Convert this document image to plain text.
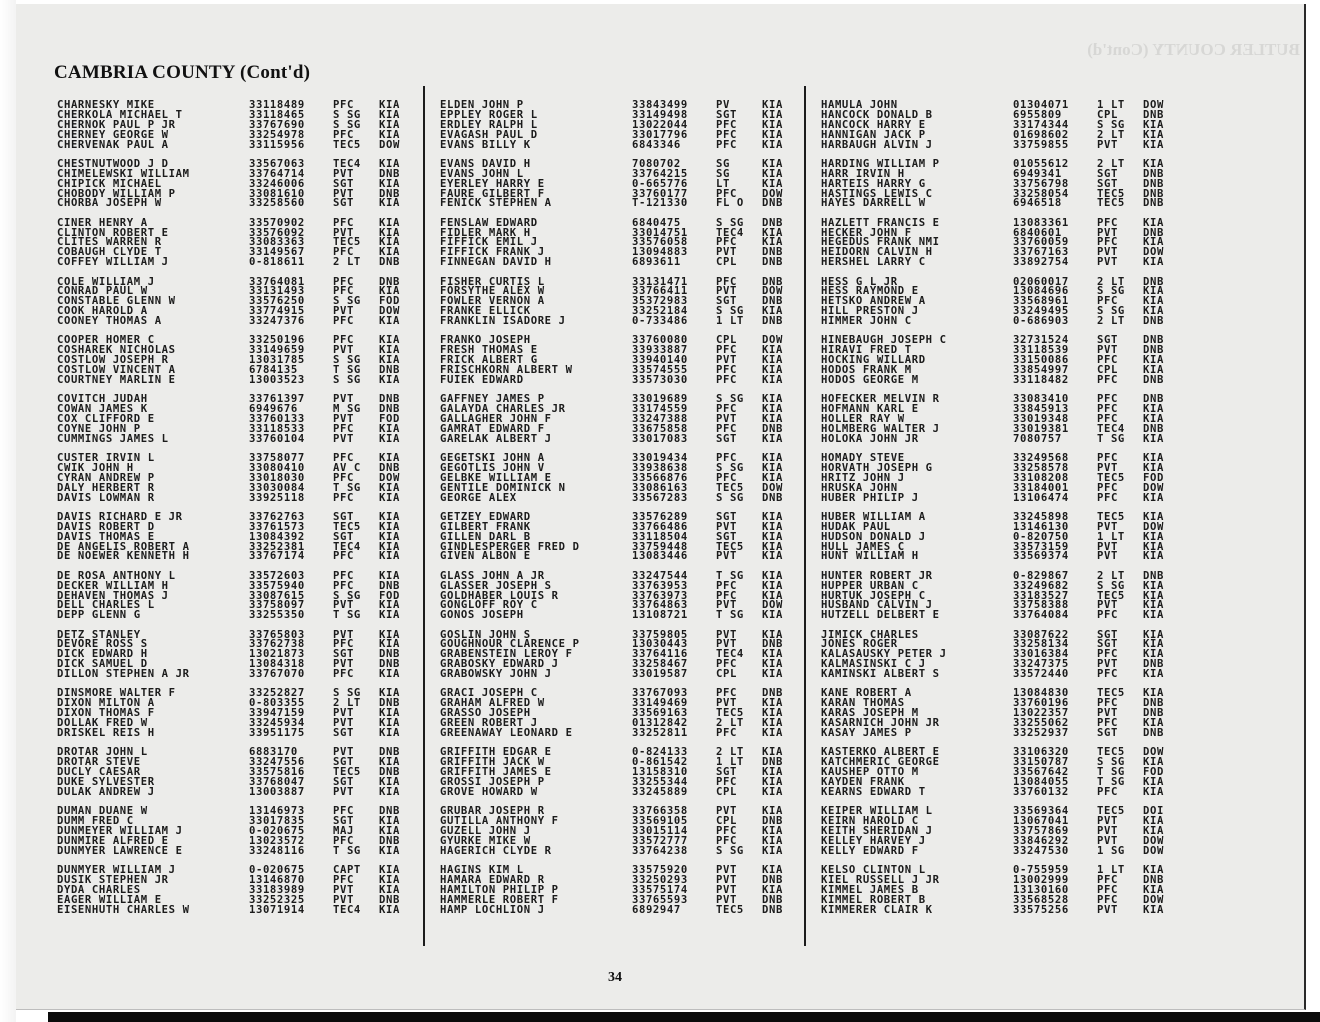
BUTLER COUNTY (Cont'd)
CAMBRIA COUNTY (Cont'd)
CHARNESKY MIKE	33118489	PFC KIA
CHERKOLA MICHAEL T	33118465	S SG KIA
CHERNOK PAUL P JR	33767690	S SG KIA
CHERNEY GEORGE W	33254978	PFC KIA
CHERVENAK PAUL A	33115956	TEC5 DOW
CHESTNUTWOOD J D	33567063	TEC4 KIA
CHIMELEWSKI WILLIAM	33764714	PVT DNB
CHIPICK MICHAEL	33246006	SGT KIA
CHOBODY WILLIAM P	33081610	PVT DNB
CHORBA JOSEPH W	33258560	SGT KIA
CINER HENRY A	33570902	PFC KIA
CLINTON ROBERT E	33576092	PVT KIA
CLITES WARREN R	33083363	TEC5 KIA
COBAUGH CLYDE T	33149567	PFC KIA
COFFEY WILLIAM J	0-818611	2 LT DNB
COLE WILLIAM J	33764081	PFC DNB
CONRAD PAUL W	33131493	PFC KIA
CONSTABLE GLENN W	33576250	S SG FOD
COOK HAROLD A	33774915	PVT DOW
COONEY THOMAS A	33247376	PFC KIA
COOPER HOMER C	33250196	PFC KIA
COSHAREK NICHOLAS	33149659	PVT KIA
COSTLOW JOSEPH R	13031785	S SG KIA
COSTLOW VINCENT A	6784135	T SG DNB
COURTNEY MARLIN E	13003523	S SG KIA
COVITCH JUDAH	33761397	PVT DNB
COWAN JAMES K	6949676	M SG DNB
COX CLIFFORD E	33760133	PVT FOD
COYNE JOHN P	33118533	PFC KIA
CUMMINGS JAMES L	33760104	PVT KIA
CUSTER IRVIN L	33758077	PFC KIA
CWIK JOHN H	33080410	AV C DNB
CYRAN ANDREW P	33018030	PFC DOW
DALY HERBERT R	33030084	T SG KIA
DAVIS LOWMAN R	33925118	PFC KIA
DAVIS RICHARD E JR	33762763	SGT KIA
DAVIS ROBERT D	33761573	TEC5 KIA
DAVIS THOMAS E	13084392	SGT KIA
DE ANGELIS ROBERT A	33252381	TEC4 KIA
DE NOEWER KENNETH H	33767174	PFC KIA
DE ROSA ANTHONY L	33572603	PFC KIA
DECKER WILLIAM H	33575940	PFC DNB
DEHAVEN THOMAS J	33087615	S SG FOD
DELL CHARLES L	33758097	PVT KIA
DEPP GLENN G	33255350	T SG KIA
DETZ STANLEY	33765803	PVT KIA
DEVORE ROSS S	33762738	PFC KIA
DICK EDWARD H	13021873	SGT DNB
DICK SAMUEL D	13084318	PVT DNB
DILLON STEPHEN A JR	33767070	PFC KIA
DINSMORE WALTER F	33252827	S SG KIA
DIXON MILTON A	0-803355	2 LT DNB
DIXON THOMAS F	33947159	PVT KIA
DOLLAK FRED W	33245934	PVT KIA
DRISKEL REIS H	33951175	SGT KIA
DROTAR JOHN L	6883170	PVT DNB
DROTAR STEVE	33247556	SGT KIA
DUCLY CAESAR	33575816	TEC5 DNB
DUKE SYLVESTER	33768047	SGT KIA
DULAK ANDREW J	13003887	PVT KIA
DUMAN DUANE W	13146973	PFC DNB
DUMM FRED C	33017835	SGT KIA
DUNMEYER WILLIAM J	0-020675	MAJ KIA
DUNMIRE ALFRED E	13023572	PFC DNB
DUNMYER LAWRENCE E	33248116	T SG KIA
DUNMYER WILLIAM J	0-020675	CAPT KIA
DUSIK STEPHEN JR	13146870	PFC KIA
DYDA CHARLES	33183989	PVT KIA
EAGER WILLIAM E	33252325	PVT DNB
EISENHUTH CHARLES W	13071914	TEC4 KIA
ELDEN JOHN P	33843499	PV	KIA
EPPLEY ROGER L	33149498	SGT KIA
ERDLEY RALPH L	13022044	PFC KIA
EVAGASH PAUL D	33017796	PFC KIA
EVANS BILLY K	6843346	PFC KIA
EVANS DAVID H	7080702	SG	KIA
EVANS JOHN L	33764215	SG	KIA
EYERLEY HARRY E	0-665776	LT	KIA
FAURE GILBERT F	33760177	PFC DOW
FENICK STEPHEN A	T-121330	FL O DNB
FENSLAW EDWARD	6840475	S SG DNB
FIDLER MARK H	33014751	TEC4 KIA
FIFFICK EMIL J	33576058	PFC KIA
FIFFICK FRANK J	13094883	PVT DNB
FINNEGAN DAVID H	6893611	CPL DNB
FISHER CURTIS L	33131471	PFC DNB
FORSYTHE ALEX W	33766411	PVT DOW
FOWLER VERNON A	35372983	SGT DNB
FRANKE ELLICK	33252184	S SG KIA
FRANKLIN ISADORE J	0-733486	1 LT DNB
FRANKO JOSEPH	33760080	CPL DOW
FRESH THOMAS E	33933887	PFC KIA
FRICK ALBERT G	33940140	PVT KIA
FRISCHKORN ALBERT W	33574555	PFC KIA
FUIEK EDWARD	33573030	PFC KIA
GAFFNEY JAMES P	33019689	S SG KIA
GALAYDA CHARLES JR	33174559	PFC KIA
GALLAGHER JOHN F	33247388	PVT KIA
GAMRAT EDWARD F	33675858	PFC DNB
GARELAK ALBERT J	33017083	SGT KIA
GEGETSKI JOHN A	33019434	PFC KIA
GEGOTLIS JOHN V	33938638	S SG KIA
GELBKE WILLIAM E	33566876	PFC KIA
GENTILE DOMINICK N	33086163	TEC5 DOW
GEORGE ALEX	33567283	S SG DNB
GETZEY EDWARD	33576289	SGT KIA
GILBERT FRANK	33766486	PVT KIA
GILLEN DARL B	33118504	SGT KIA
GINDLESPERGER FRED D	33759448	TEC5 KIA
GIVEN ALBON E	13083446	PVT KIA
GLASS JOHN A JR	33247544	T SG KIA
GLASSER JOSEPH S	33763953	PFC KIA
GOLDHABER LOUIS R	33763973	PFC KIA
GONGLOFF ROY C	33764863	PVT DOW
GONOS JOSEPH	13108721	T SG KIA
GOSLIN JOHN S	33759805	PVT KIA
GOUGHNOUR CLARENCE P	13030443	PVT DNB
GRABENSTEIN LEROY F	33764116	TEC4 KIA
GRABOSKY EDWARD J	33258467	PFC KIA
GRABOWSKY JOHN J	33019587	CPL KIA
GRACI JOSEPH C	33767093	PFC DNB
GRAHAM ALFRED W	33149469	PVT KIA
GRASSO JOSEPH	33569163	TEC5 KIA
GREEN ROBERT J	01312842	2 LT KIA
GREENAWAY LEONARD E	33252811	PFC KIA
GRIFFITH EDGAR E	0-824133	2 LT KIA
GRIFFITH JACK W	0-861542	1 LT DNB
GRIFFITH JAMES E	13158310	SGT KIA
GROSSI JOSEPH P	33255344	PFC KIA
GROVE HOWARD W	33245889	CPL KIA
GRUBAR JOSEPH R	33766358	PVT KIA
GUTILLA ANTHONY F	33569105	CPL DNB
GUZELL JOHN J	33015114	PFC KIA
GYURKE MIKE W	33572777	PFC KIA
HAGERICH CLYDE R	33764238	S SG KIA
HAGINS KIM L	33575920	PVT KIA
HAMARA EDWARD R	33250293	PVT DNB
HAMILTON PHILIP P	33575174	PVT KIA
HAMMERLE ROBERT F	33765593	PVT DNB
HAMP LOCHLION J	6892947	TEC5 DNB
HAMULA JOHN	01304071	1 LT DOW
HANCOCK DONALD B	6955809	CPL DNB
HANCOCK HARRY E	33174344	S SG KIA
HANNIGAN JACK P	01698602	2 LT KIA
HARBAUGH ALVIN J	33759855	PVT KIA
HARDING WILLIAM P	01055612	2 LT KIA
HARR IRVIN H	6949341	SGT DNB
HARTEIS HARRY G	33756798	SGT DNB
HASTINGS LEWIS C	33258054	TEC5 DNB
HAYES DARRELL W	6946518	TEC5 DNB
HAZLETT FRANCIS E	13083361	PFC KIA
HECKER JOHN F	6840601	PVT DNB
HEGEDUS FRANK NMI	33760059	PFC KIA
HEIDORN CALVIN H	33767163	PVT DOW
HERSHEL LARRY C	33892754	PVT KIA
HESS G L JR	02060017	2 LT DNB
HESS RAYMOND E	13084696	S SG KIA
HETSKO ANDREW A	33568961	PFC KIA
HILL PRESTON J	33249495	S SG KIA
HIMMER JOHN C	0-686903	2 LT DNB
HINEBAUGH JOSEPH C	32731524	SGT DNB
HIRAVI FRED T	33118539	PVT DNB
HOCKING WILLARD	33150086	PFC KIA
HODOS FRANK M	33854997	CPL KIA
HODOS GEORGE M	33118482	PFC DNB
HOFECKER MELVIN R	33083410	PFC DNB
HOFMANN KARL E	33845913	PFC KIA
HOLLER RAY W	33019348	PFC KIA
HOLMBERG WALTER J	33019381	TEC4 DNB
HOLOKA JOHN JR	7080757	T SG KIA
HOMADY STEVE	33249568	PFC KIA
HORVATH JOSEPH G	33258578	PVT KIA
HRITZ JOHN J	33108208	TEC5 FOD
HRUSKA JOHN	33184001	PFC DOW
HUBER PHILIP J	13106474	PFC KIA
HUBER WILLIAM A	33245898	TEC5 KIA
HUDAK PAUL	13146130	PVT DOW
HUDSON DONALD J	0-820750	1 LT KIA
HULL JAMES C	33573159	PVT KIA
HUNT WILLIAM H	33569374	PVT KIA
HUNTER ROBERT JR	0-829867	2 LT DNB
HUPPER URBAN C	33249682	S SG KIA
HURTUK JOSEPH C	33183527	TEC5 KIA
HUSBAND CALVIN J	33758388	PVT KIA
HUTZELL DELBERT E	33764084	PFC KIA
JIMICK CHARLES	33087622	SGT KIA
JONES ROGER	33258134	SGT KIA
KALASAUSKY PETER J	33016384	PFC KIA
KALMASINSKI C J	33247375	PVT DNB
KAMINSKI ALBERT S	33572440	PFC KIA
KANE ROBERT A	13084830	TEC5 KIA
KARAN THOMAS	33760196	PFC DNB
KARAS JOSEPH M	13022357	PVT DNB
KASARNICH JOHN JR	33255062	PFC KIA
KASAY JAMES P	33252937	SGT DNB
KASTERKO ALBERT E	33106320	TEC5 DOW
KATCHMERIC GEORGE	33150787	S SG KIA
KAUSHEP OTTO M	33567642	T SG FOD
KAYDEN FRANK	13084055	T SG KIA
KEARNS EDWARD T	33760132	PFC KIA
KEIPER WILLIAM L	33569364	TEC5 DOI
KEIRN HAROLD C	13067041	PVT KIA
KEITH SHERIDAN J	33757869	PVT KIA
KELLEY HARVEY J	33846292	PVT DOW
KELLY EDWARD F	33247530	1 SG DOW
KELSO CLINTON L	0-755959	1 LT KIA
KIEL RUSSELL J JR	13002999	PFC DNB
KIMMEL JAMES B	13130160	PFC KIA
KIMMEL ROBERT B	33568528	PFC DOW
KIMMERER CLAIR K	33575256	PVT KIA
34
